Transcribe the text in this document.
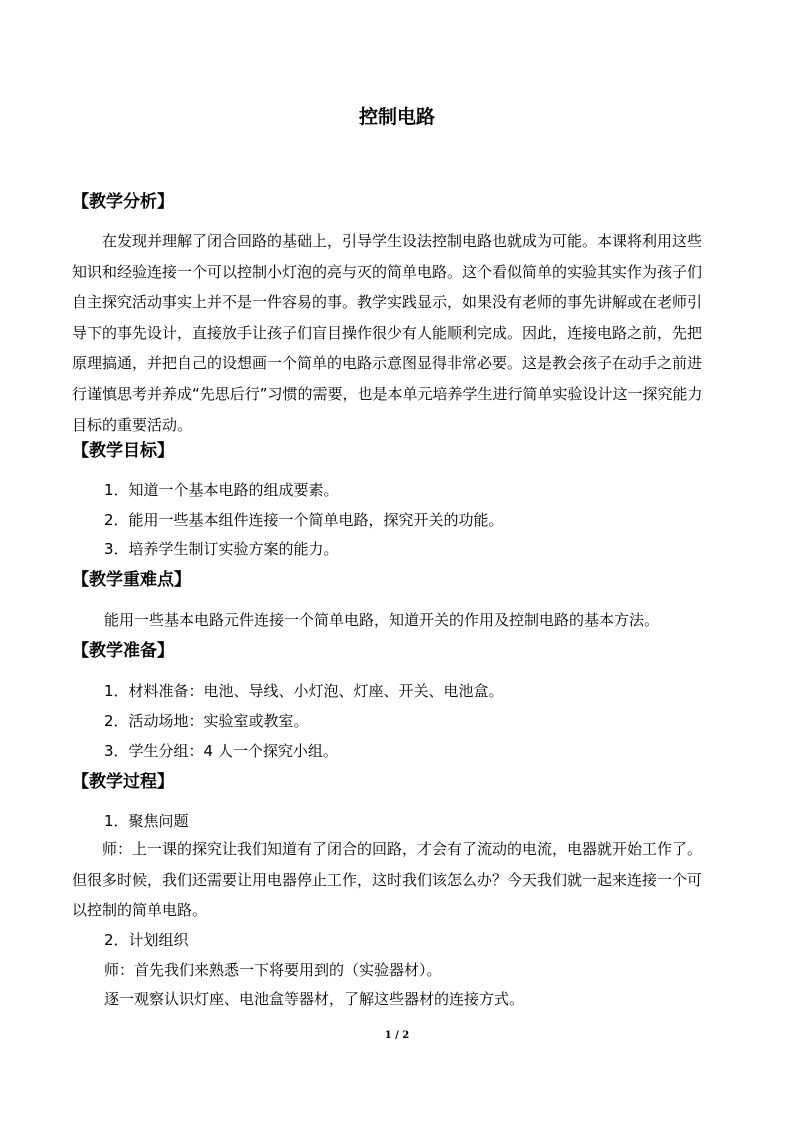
控制电路
【教学分析】

在发现并理解了闭合回路的基础上，引导学生设法控制电路也就成为可能。本课将利用这些知识和经验连接一个可以控制小灯泡的亮与灭的简单电路。这个看似简单的实验其实作为孩子们自主探究活动事实上并不是一件容易的事。教学实践显示，如果没有老师的事先讲解或在老师引导下的事先设计，直接放手让孩子们盲目操作很少有人能顺利完成。因此，连接电路之前，先把原理搞通，并把自己的设想画一个简单的电路示意图显得非常必要。这是教会孩子在动手之前进行谨慎思考并养成“先思后行”习惯的需要，也是本单元培养学生进行简单实验设计这一探究能力目标的重要活动。

【教学目标】
1．知道一个基本电路的组成要素。
2．能用一些基本组件连接一个简单电路，探究开关的功能。
3．培养学生制订实验方案的能力。
【教学重难点】
能用一些基本电路元件连接一个简单电路，知道开关的作用及控制电路的基本方法。
【教学准备】
1．材料准备：电池、导线、小灯泡、灯座、开关、电池盒。
2．活动场地：实验室或教室。
3．学生分组：4 人一个探究小组。
【教学过程】
1．聚焦问题

师：上一课的探究让我们知道有了闭合的回路，才会有了流动的电流，电器就开始工作了。但很多时候，我们还需要让用电器停止工作，这时我们该怎么办？今天我们就一起来连接一个可以控制的简单电路。

2．计划组织
师：首先我们来熟悉一下将要用到的（实验器材）。
逐一观察认识灯座、电池盒等器材，了解这些器材的连接方式。
1 / 2
